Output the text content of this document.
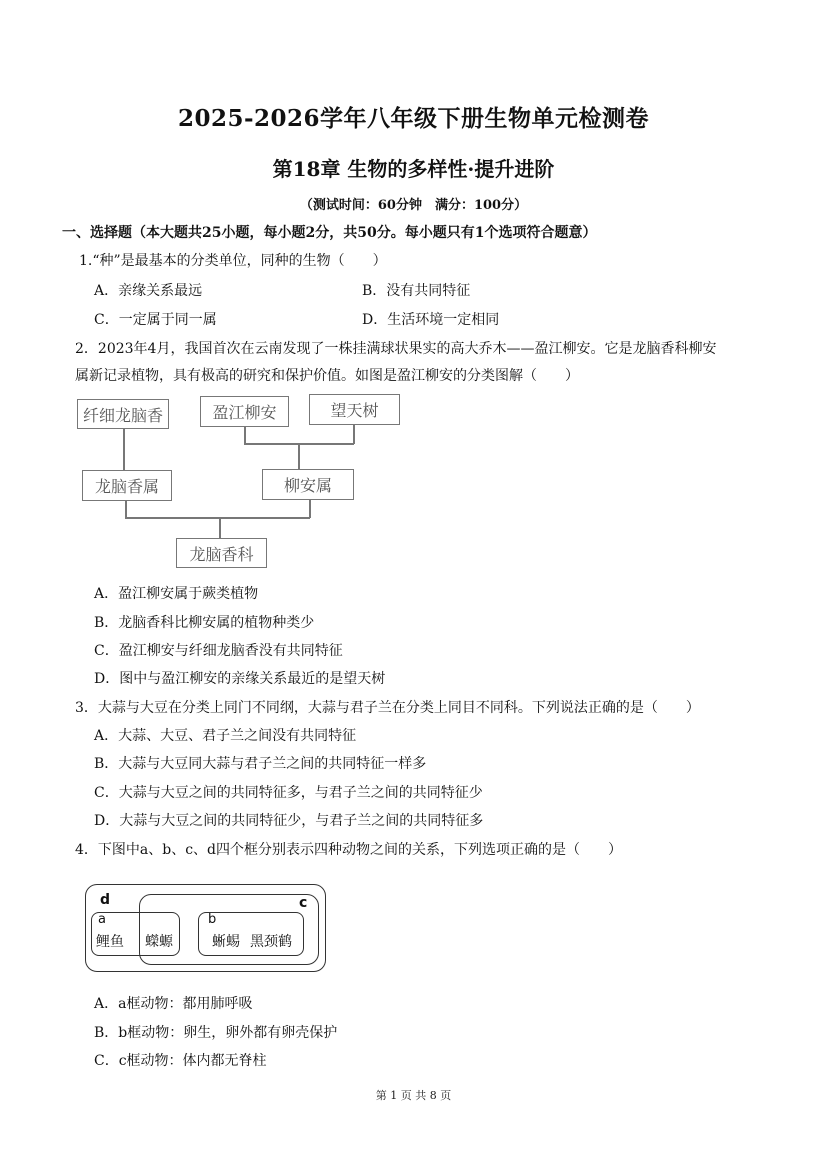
2025-2026学年八年级下册生物单元检测卷
第18章 生物的多样性·提升进阶
（测试时间：60分钟　满分：100分）
一、选择题（本大题共25小题，每小题2分，共50分。每小题只有1个选项符合题意）
1.“种”是最基本的分类单位，同种的生物（　　）
A．亲缘关系最远	B．没有共同特征
C．一定属于同一属	D．生活环境一定相同
2．2023年4月，我国首次在云南发现了一株挂满球状果实的高大乔木——盈江柳安。它是龙脑香科柳安
属新记录植物，具有极高的研究和保护价值。如图是盈江柳安的分类图解（　　）
纤细龙脑香	盈江柳安	望天树
龙脑香属	柳安属
龙脑香科
A．盈江柳安属于蕨类植物
B．龙脑香科比柳安属的植物种类少
C．盈江柳安与纤细龙脑香没有共同特征
D．图中与盈江柳安的亲缘关系最近的是望天树
3．大蒜与大豆在分类上同门不同纲，大蒜与君子兰在分类上同目不同科。下列说法正确的是（　　）
A．大蒜、大豆、君子兰之间没有共同特征
B．大蒜与大豆同大蒜与君子兰之间的共同特征一样多
C．大蒜与大豆之间的共同特征多，与君子兰之间的共同特征少
D．大蒜与大豆之间的共同特征少，与君子兰之间的共同特征多
4．下图中a、b、c、d四个框分别表示四种动物之间的关系，下列选项正确的是（　　）
d	c
a	b
鲤鱼 蠑螈	蜥蜴 黑颈鹤
A．a框动物：都用肺呼吸
B．b框动物：卵生，卵外都有卵壳保护
C．c框动物：体内都无脊柱
第 1 页 共 8 页
